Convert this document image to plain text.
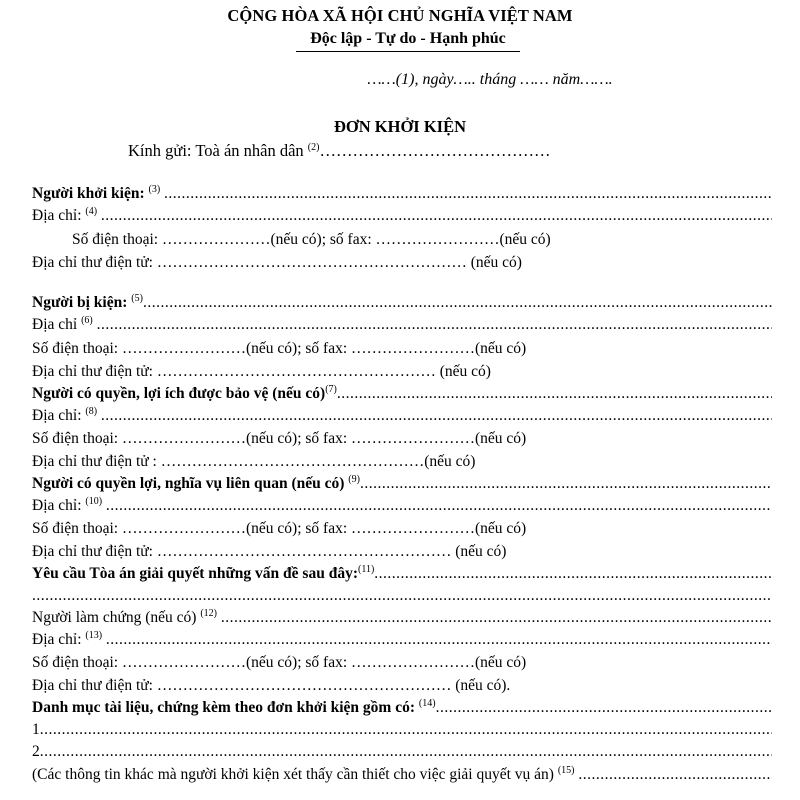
CỘNG HÒA XÃ HỘI CHỦ NGHĨA VIỆT NAM
Độc lập - Tự do - Hạnh phúc
……(1), ngày….. tháng …… năm…….
ĐƠN KHỞI KIỆN
Kính gửi: Toà án nhân dân $^{(2)}$……………………………………
Người khởi kiện: $^{(3)}$
.....
Địa chỉ: $^{(4)}$
.....
Số điện thoại: …………………(nếu có); số fax: ……………………(nếu có)
Địa chỉ thư điện tử: …………………………………………………… (nếu có)
Người bị kiện: $^{(5)}$
.....
Địa chỉ $^{(6)}$
.....
Số điện thoại: ……………………(nếu có); số fax: ……………………(nếu có)
Địa chỉ thư điện tử: ……………………………………………… (nếu có)
Người có quyền, lợi ích được bảo vệ (nếu có) $^{(7)}$
.....
Địa chỉ: $^{(8)}$
.....
Số điện thoại: ……………………(nếu có); số fax: ……………………(nếu có)
Địa chỉ thư điện tử : ……………………………………………(nếu có)
Người có quyền lợi, nghĩa vụ liên quan (nếu có) $^{(9)}$
.....
Địa chỉ: $^{(10)}$
.....
Số điện thoại: ……………………(nếu có); số fax: ……………………(nếu có)
Địa chỉ thư điện tử: ………………………………………………… (nếu có)
Yêu cầu Tòa án giải quyết những vấn đề sau đây: $^{(11)}$
.....
.....
Người làm chứng (nếu có) $^{(12)}$
.....
Địa chỉ: $^{(13)}$
.....
Số điện thoại: ……………………(nếu có); số fax: ……………………(nếu có)
Địa chỉ thư điện tử: ………………………………………………… (nếu có).
Danh mục tài liệu, chứng kèm theo đơn khởi kiện gồm có: $^{(14)}$
.....
1
.....
2
.....
(Các thông tin khác mà người khởi kiện xét thấy cần thiết cho việc giải quyết vụ án) $^{(15)}$
.....
